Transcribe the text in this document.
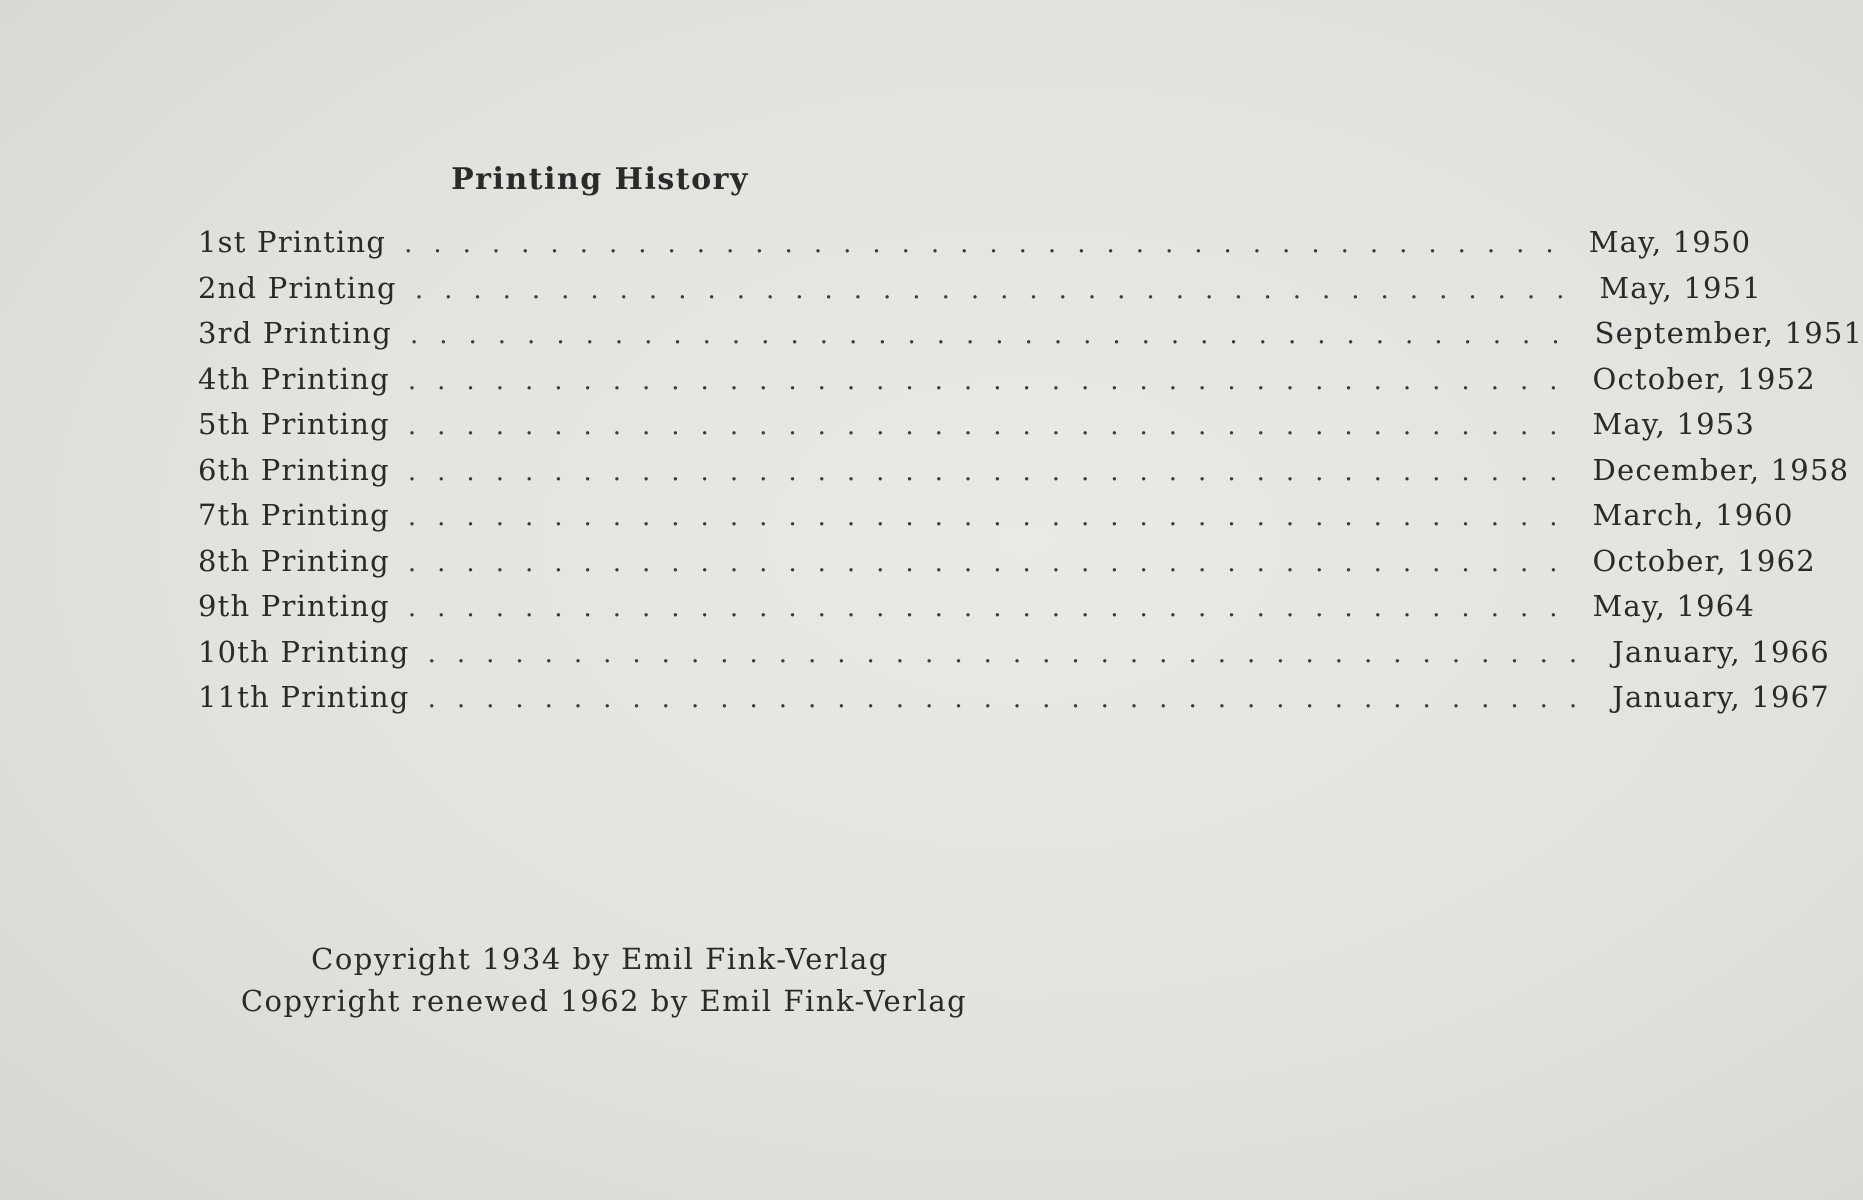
Printing History
1st Printing ........................................ May, 1950
2nd Printing ........................................ May, 1951
3rd Printing ........................................ September, 1951
4th Printing ........................................ October, 1952
5th Printing ........................................ May, 1953
6th Printing ........................................ December, 1958
7th Printing ........................................ March, 1960
8th Printing ........................................ October, 1962
9th Printing ........................................ May, 1964
10th Printing ........................................ January, 1966
11th Printing ........................................ January, 1967
Copyright 1934 by Emil Fink-Verlag
Copyright renewed 1962 by Emil Fink-Verlag
